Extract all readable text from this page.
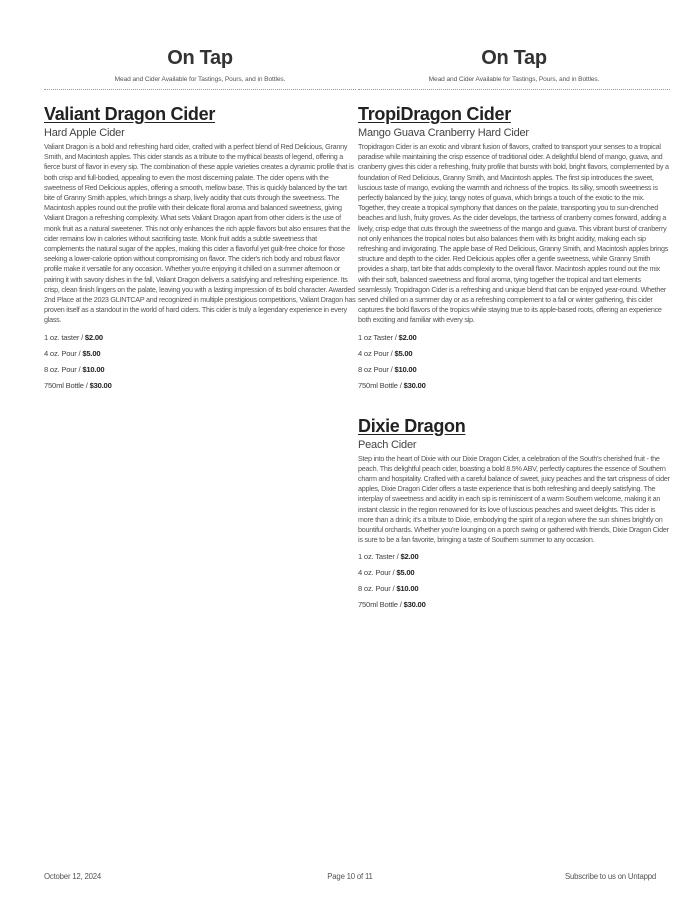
On Tap
Mead and Cider Available for Tastings, Pours, and in Bottles.
Valiant Dragon Cider
Hard Apple Cider
Valiant Dragon is a bold and refreshing hard cider, crafted with a perfect blend of Red Delicious, Granny Smith, and Macintosh apples. This cider stands as a tribute to the mythical beasts of legend, offering a fierce burst of flavor in every sip. The combination of these apple varieties creates a dynamic profile that is both crisp and full-bodied, appealing to even the most discerning palate. The cider opens with the sweetness of Red Delicious apples, offering a smooth, mellow base. This is quickly balanced by the tart bite of Granny Smith apples, which brings a sharp, lively acidity that cuts through the sweetness. The Macintosh apples round out the profile with their delicate floral aroma and balanced sweetness, giving Valiant Dragon a refreshing complexity. What sets Valiant Dragon apart from other ciders is the use of monk fruit as a natural sweetener. This not only enhances the rich apple flavors but also ensures that the cider remains low in calories without sacrificing taste. Monk fruit adds a subtle sweetness that complements the natural sugar of the apples, making this cider a flavorful yet guilt-free choice for those seeking a lower-calorie option without compromising on flavor. The cider's rich body and robust flavor profile make it versatile for any occasion. Whether you're enjoying it chilled on a summer afternoon or pairing it with savory dishes in the fall, Valiant Dragon delivers a satisfying and refreshing experience. Its crisp, clean finish lingers on the palate, leaving you with a lasting impression of its bold character. Awarded 2nd Place at the 2023 GLINTCAP and recognized in multiple prestigious competitions, Valiant Dragon has proven itself as a standout in the world of hard ciders. This cider is truly a legendary experience in every glass.
1 oz. taster / $2.00
4 oz. Pour / $5.00
8 oz. Pour / $10.00
750ml Bottle / $30.00
On Tap
Mead and Cider Available for Tastings, Pours, and in Bottles.
TropiDragon Cider
Mango Guava Cranberry Hard Cider
Tropidragon Cider is an exotic and vibrant fusion of flavors, crafted to transport your senses to a tropical paradise while maintaining the crisp essence of traditional cider. A delightful blend of mango, guava, and cranberry gives this cider a refreshing, fruity profile that bursts with bold, bright flavors, complemented by a foundation of Red Delicious, Granny Smith, and Macintosh apples. The first sip introduces the sweet, luscious taste of mango, evoking the warmth and richness of the tropics. Its silky, smooth sweetness is perfectly balanced by the juicy, tangy notes of guava, which brings a touch of the exotic to the mix. Together, they create a tropical symphony that dances on the palate, transporting you to sun-drenched beaches and lush, fruity groves. As the cider develops, the tartness of cranberry comes forward, adding a lively, crisp edge that cuts through the sweetness of the mango and guava. This vibrant burst of cranberry not only enhances the tropical notes but also balances them with its bright acidity, making each sip refreshing and invigorating. The apple base of Red Delicious, Granny Smith, and Macintosh apples brings structure and depth to the cider. Red Delicious apples offer a gentle sweetness, while Granny Smith provides a sharp, tart bite that adds complexity to the overall flavor. Macintosh apples round out the mix with their soft, balanced sweetness and floral aroma, tying together the tropical and tart elements seamlessly. Tropidragon Cider is a refreshing and unique blend that can be enjoyed year-round. Whether served chilled on a summer day or as a refreshing complement to a fall or winter gathering, this cider captures the bold flavors of the tropics while staying true to its apple-based roots, offering an experience both exciting and familiar with every sip.
1 oz Taster / $2.00
4 oz Pour / $5.00
8 oz Pour / $10.00
750ml Bottle / $30.00
Dixie Dragon
Peach Cider
Step into the heart of Dixie with our Dixie Dragon Cider, a celebration of the South's cherished fruit - the peach. This delightful peach cider, boasting a bold 8.5% ABV, perfectly captures the essence of Southern charm and hospitality. Crafted with a careful balance of sweet, juicy peaches and the tart crispness of cider apples, Dixie Dragon Cider offers a taste experience that is both refreshing and deeply satisfying. The interplay of sweetness and acidity in each sip is reminiscent of a warm Southern welcome, making it an instant classic in the region renowned for its love of luscious peaches and sweet delights. This cider is more than a drink; it's a tribute to Dixie, embodying the spirit of a region where the sun shines brightly on bountiful orchards. Whether you're lounging on a porch swing or gathered with friends, Dixie Dragon Cider is sure to be a fan favorite, bringing a taste of Southern summer to any occasion.
1 oz. Taster / $2.00
4 oz. Pour / $5.00
8 oz. Pour / $10.00
750ml Bottle / $30.00
October 12, 2024	Page 10 of 11	Subscribe to us on Untappd
